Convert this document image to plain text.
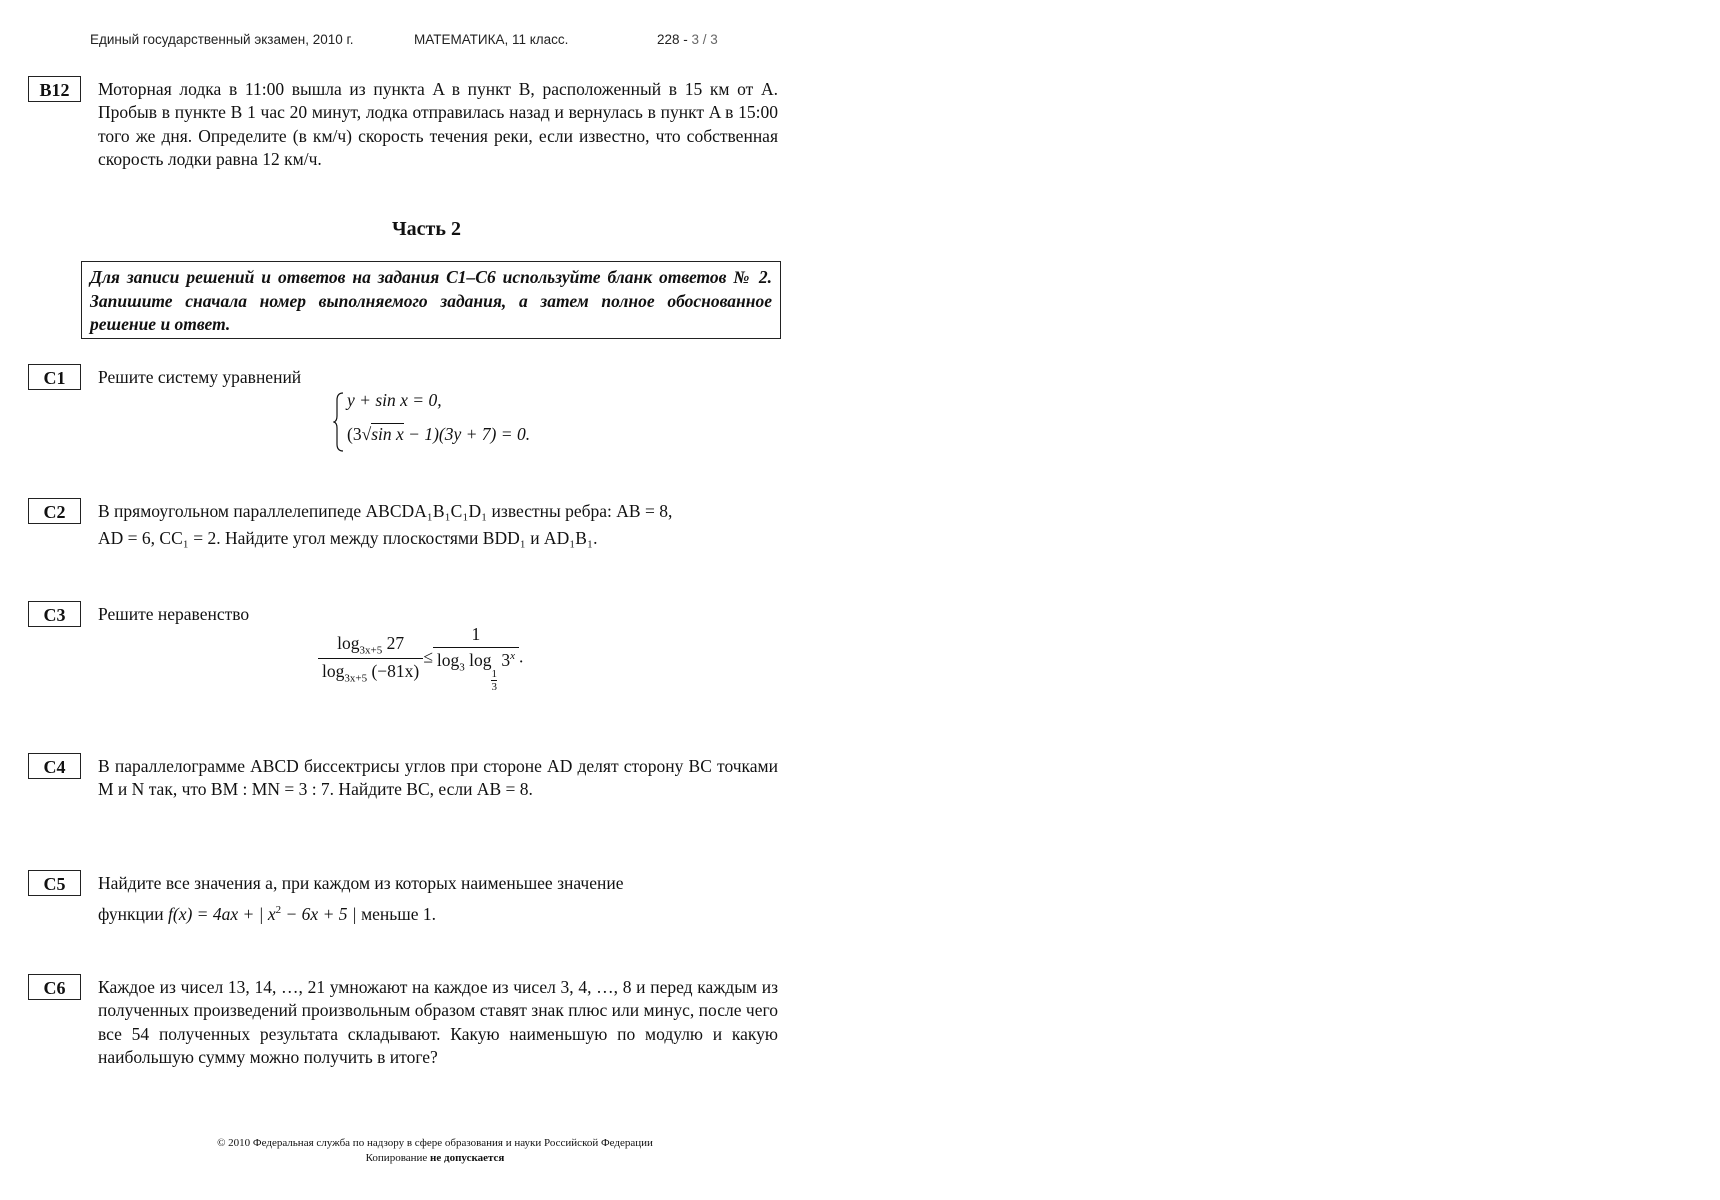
Единый государственный экзамен, 2010 г.	МАТЕМАТИКА, 11 класс.	228 - 3 / 3
B12	Моторная лодка в 11:00 вышла из пункта A в пункт B, расположенный в 15 км от A. Пробыв в пункте B 1 час 20 минут, лодка отправилась назад и вернулась в пункт A в 15:00 того же дня. Определите (в км/ч) скорость течения реки, если известно, что собственная скорость лодки равна 12 км/ч.
Часть 2
Для записи решений и ответов на задания С1–С6 используйте бланк ответов № 2. Запишите сначала номер выполняемого задания, а затем полное обоснованное решение и ответ.
C1	Решите систему уравнений
y + sin x = 0,
(3√sin x − 1)(3y + 7) = 0.
C2	В прямоугольном параллелепипеде ABCDA₁B₁C₁D₁ известны ребра: AB = 8,
AD = 6, CC₁ = 2. Найдите угол между плоскостями BDD₁ и AD₁B₁.
C3	Решите неравенство
$\frac{\log_{3x+5} 27}{\log_{3x+5} (-81x)} \le 1$
$\log_3 \log$
$\frac{1}{3}$
3$^x$ .
C4	В параллелограмме ABCD биссектрисы углов при стороне AD делят сторону BC точками M и N так, что BM : MN = 3 : 7. Найдите BC, если AB = 8.
C5	Найдите все значения a, при каждом из которых наименьшее значение
функции f(x) = 4ax + | $x^2 - 6x + 5$ | меньше 1.
C6	Каждое из чисел 13, 14, …, 21 умножают на каждое из чисел 3, 4, …, 8 и перед каждым из полученных произведений произвольным образом ставят знак плюс или минус, после чего все 54 полученных результата складывают. Какую наименьшую по модулю и какую наибольшую сумму можно получить в итоге?
© 2010 Федеральная служба по надзору в сфере образования и науки Российской Федерации
Копирование не допускается
